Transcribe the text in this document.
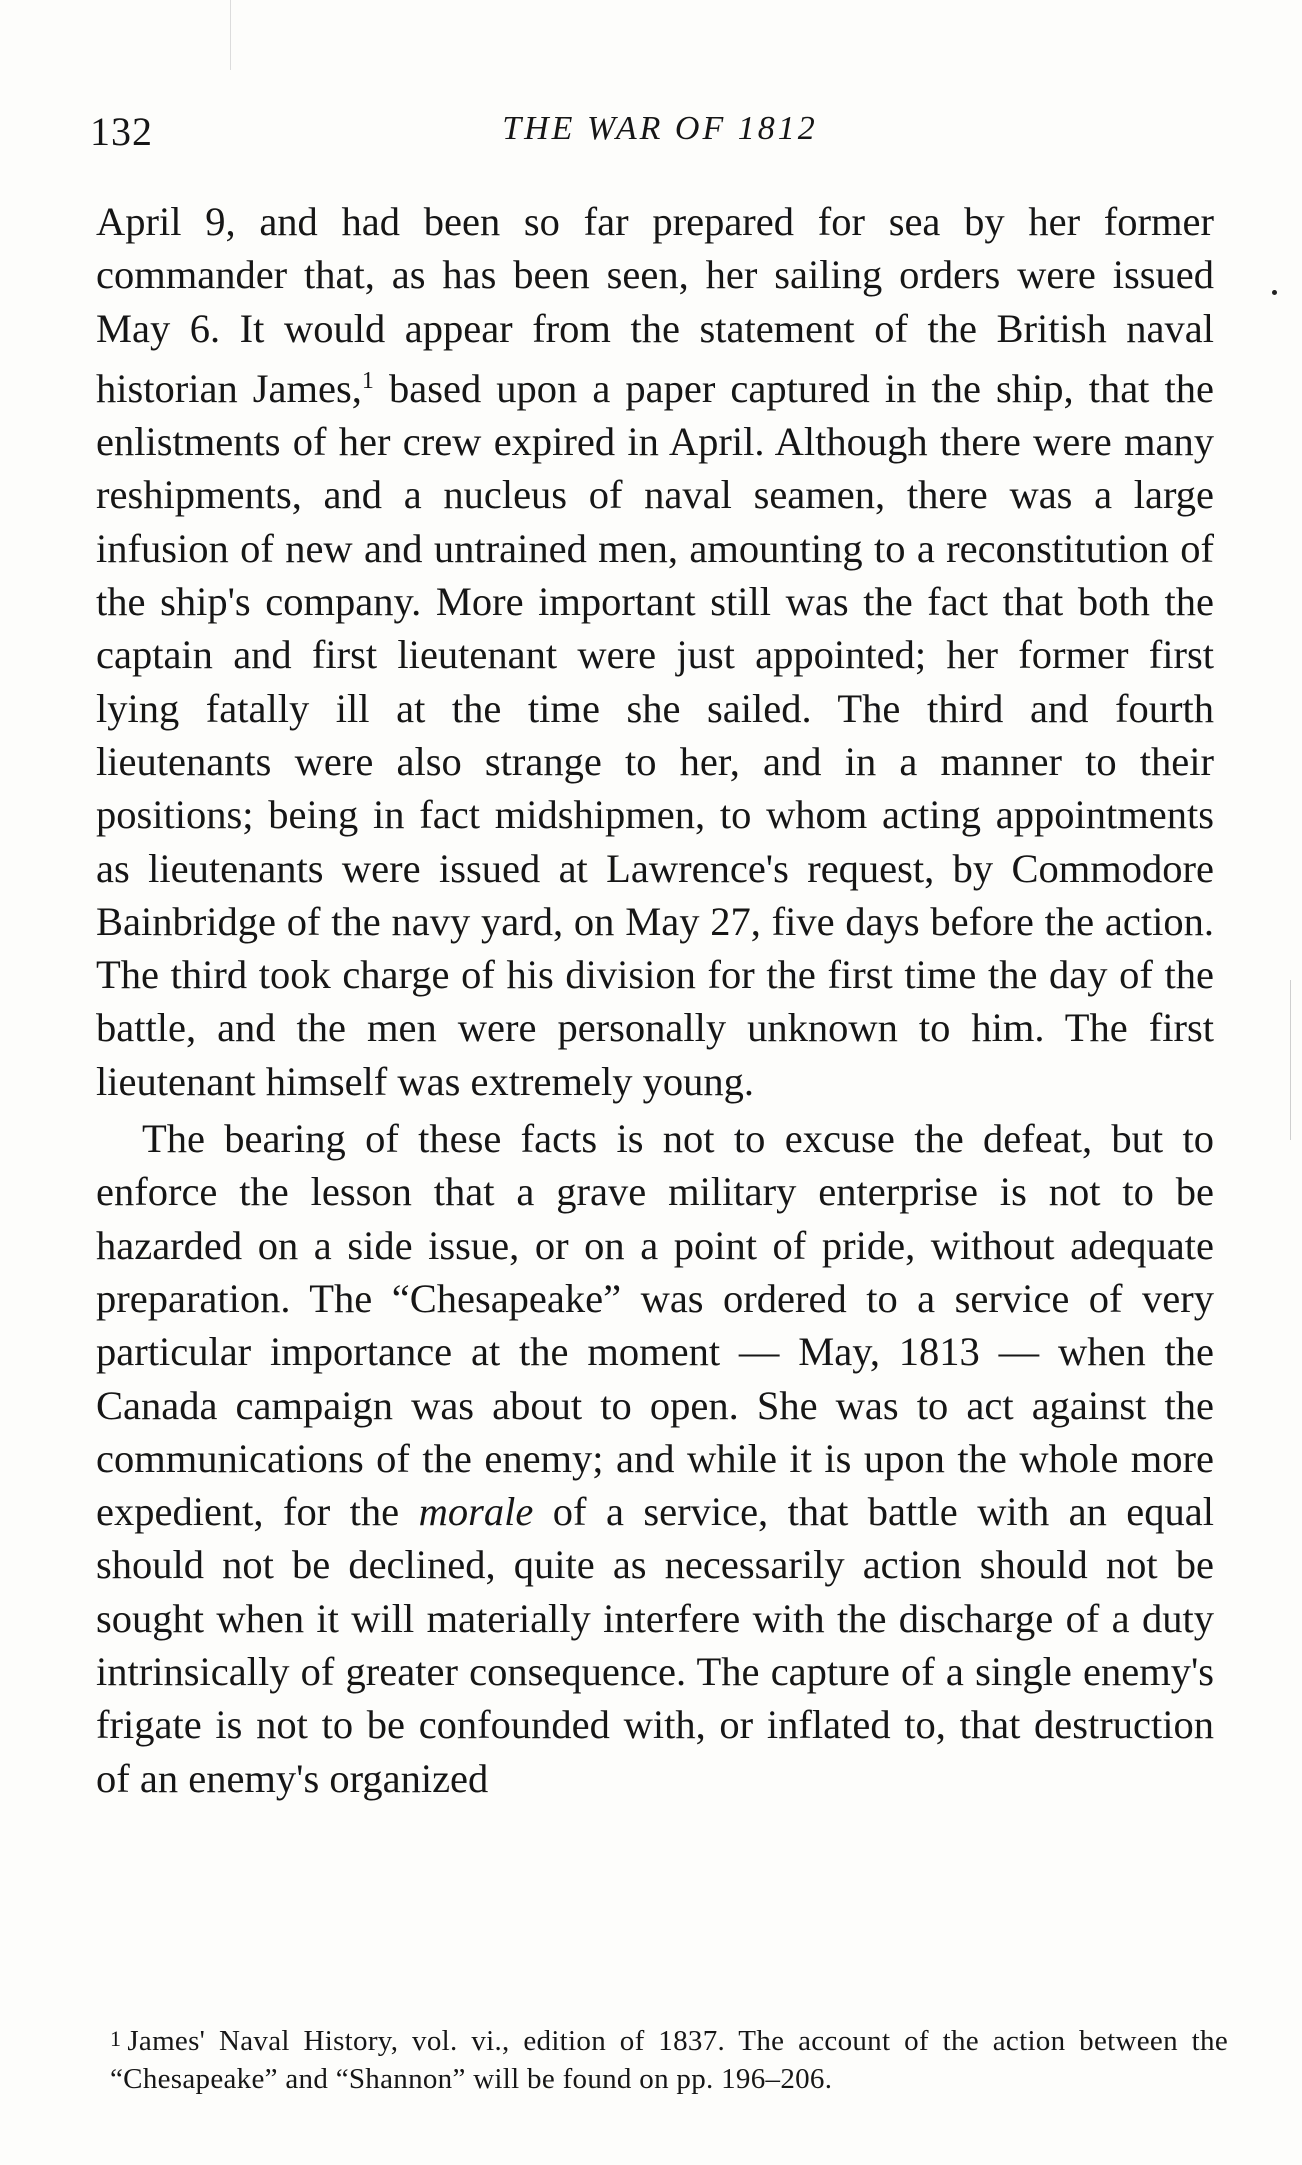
132	THE WAR OF 1812

April 9, and had been so far prepared for sea by her former commander that, as has been seen, her sailing orders were issued May 6. It would appear from the statement of the British naval historian James,$^1$ based upon a paper captured in the ship, that the enlistments of her crew expired in April. Although there were many reshipments, and a nucleus of naval seamen, there was a large infusion of new and untrained men, amounting to a reconstitution of the ship's company. More important still was the fact that both the captain and first lieutenant were just appointed; her former first lying fatally ill at the time she sailed. The third and fourth lieutenants were also strange to her, and in a manner to their positions; being in fact midshipmen, to whom acting appointments as lieutenants were issued at Lawrence's request, by Commodore Bainbridge of the navy yard, on May 27, five days before the action. The third took charge of his division for the first time the day of the battle, and the men were personally unknown to him. The first lieutenant himself was extremely young.

The bearing of these facts is not to excuse the defeat, but to enforce the lesson that a grave military enterprise is not to be hazarded on a side issue, or on a point of pride, without adequate preparation. The “Chesapeake” was ordered to a service of very particular importance at the moment — May, 1813 — when the Canada campaign was about to open. She was to act against the communications of the enemy; and while it is upon the whole more expedient, for the morale of a service, that battle with an equal should not be declined, quite as necessarily action should not be sought when it will materially interfere with the discharge of a duty intrinsically of greater consequence. The capture of a single enemy's frigate is not to be confounded with, or inflated to, that destruction of an enemy's organized

1 James' Naval History, vol. vi., edition of 1837. The account of the action between the “Chesapeake” and “Shannon” will be found on pp. 196–206.
